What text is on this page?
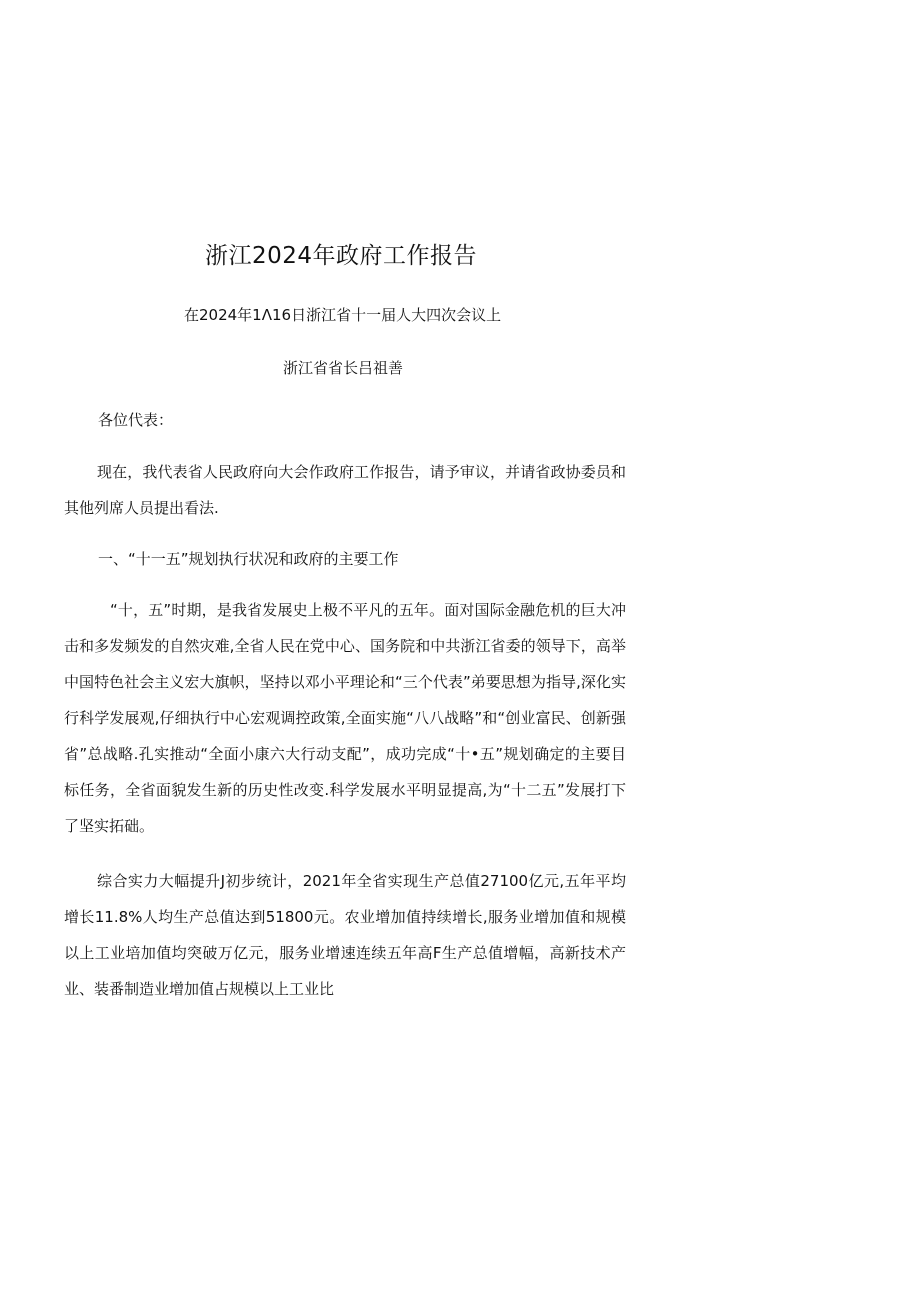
浙江2024年政府工作报告
在2024年1Λ16日浙江省十一届人大四次会议上
浙江省省长吕祖善
各位代表：
现在，我代表省人民政府向大会作政府工作报告，请予审议，并请省政协委员和其他列席人员提出看法.
一、“十一五”规划执行状况和政府的主要工作
“十，五”时期，是我省发展史上极不平凡的五年。面对国际金融危机的巨大冲击和多发频发的自然灾难,全省人民在党中心、国务院和中共浙江省委的领导下，高举中国特色社会主义宏大旗帜，坚持以邓小平理论和“三个代表”弟要思想为指导,深化实行科学发展观,仔细执行中心宏观调控政策,全面实施“八八战略”和“创业富民、创新强省”总战略.孔实推动“全面小康六大行动支配”，成功完成“十•五”规划确定的主要目标任务，全省面貌发生新的历史性改变.科学发展水平明显提高,为“十二五”发展打下了坚实拓础。
综合实力大幅提升J初步统计，2021年全省实现生产总值27100亿元,五年平均增长11.8%人均生产总值达到51800元。农业增加值持续增长,服务业增加值和规模以上工业培加值均突破万亿元，服务业增速连续五年高F生产总值增幅，高新技术产业、装番制造业增加值占规模以上工业比
